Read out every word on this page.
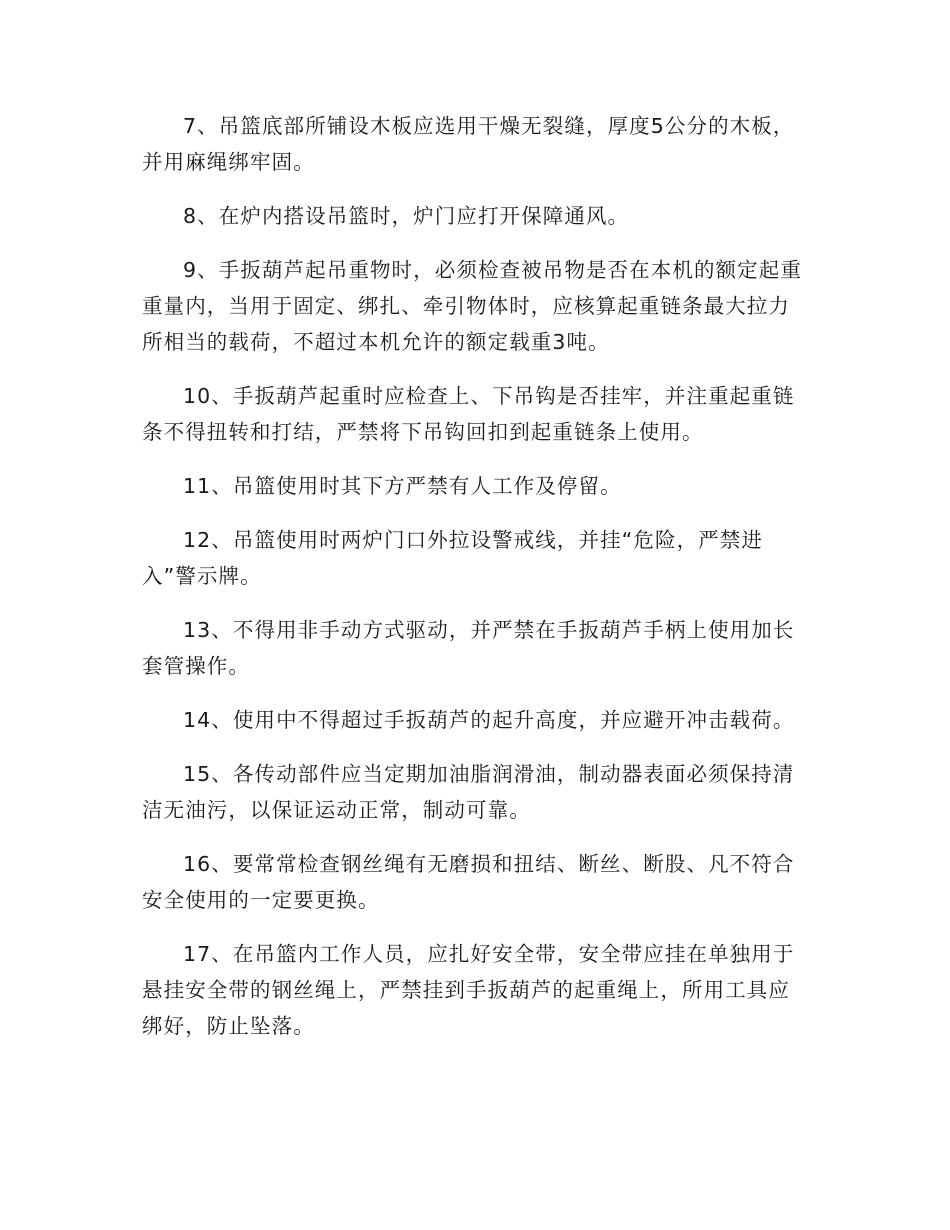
7、吊篮底部所铺设木板应选用干燥无裂缝，厚度5公分的木板，并用麻绳绑牢固。

8、在炉内搭设吊篮时，炉门应打开保障通风。

9、手扳葫芦起吊重物时，必须检查被吊物是否在本机的额定起重重量内，当用于固定、绑扎、牵引物体时，应核算起重链条最大拉力所相当的载荷，不超过本机允许的额定载重3吨。

10、手扳葫芦起重时应检查上、下吊钩是否挂牢，并注重起重链条不得扭转和打结，严禁将下吊钩回扣到起重链条上使用。

11、吊篮使用时其下方严禁有人工作及停留。

12、吊篮使用时两炉门口外拉设警戒线，并挂“危险，严禁进入”警示牌。

13、不得用非手动方式驱动，并严禁在手扳葫芦手柄上使用加长套管操作。

14、使用中不得超过手扳葫芦的起升高度，并应避开冲击载荷。

15、各传动部件应当定期加油脂润滑油，制动器表面必须保持清洁无油污，以保证运动正常，制动可靠。

16、要常常检查钢丝绳有无磨损和扭结、断丝、断股、凡不符合安全使用的一定要更换。

17、在吊篮内工作人员，应扎好安全带，安全带应挂在单独用于悬挂安全带的钢丝绳上，严禁挂到手扳葫芦的起重绳上，所用工具应绑好，防止坠落。
